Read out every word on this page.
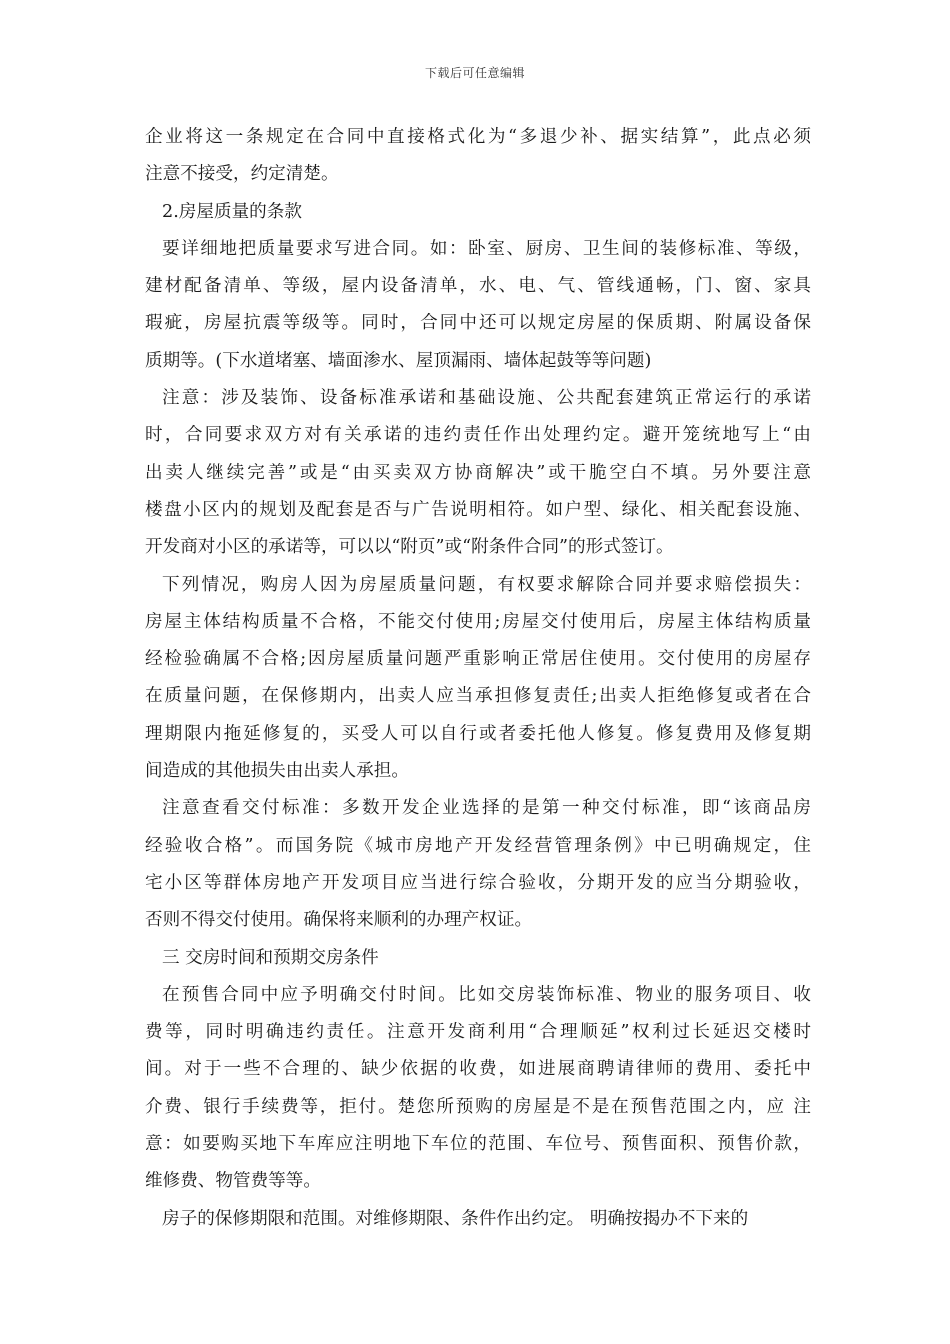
下载后可任意编辑
企业将这一条规定在合同中直接格式化为“多退少补、据实结算”，此点必须
注意不接受，约定清楚。
2.房屋质量的条款
要详细地把质量要求写进合同。如：卧室、厨房、卫生间的装修标准、等级，
建材配备清单、等级，屋内设备清单，水、电、气、管线通畅，门、窗、家具
瑕疵，房屋抗震等级等。同时，合同中还可以规定房屋的保质期、附属设备保
质期等。(下水道堵塞、墙面渗水、屋顶漏雨、墙体起鼓等等问题)
注意：涉及装饰、设备标准承诺和基础设施、公共配套建筑正常运行的承诺
时，合同要求双方对有关承诺的违约责任作出处理约定。避开笼统地写上“由
出卖人继续完善”或是“由买卖双方协商解决”或干脆空白不填。另外要注意
楼盘小区内的规划及配套是否与广告说明相符。如户型、绿化、相关配套设施、
开发商对小区的承诺等，可以以“附页”或“附条件合同”的形式签订。
下列情况，购房人因为房屋质量问题，有权要求解除合同并要求赔偿损失：
房屋主体结构质量不合格，不能交付使用;房屋交付使用后，房屋主体结构质量
经检验确属不合格;因房屋质量问题严重影响正常居住使用。交付使用的房屋存
在质量问题，在保修期内，出卖人应当承担修复责任;出卖人拒绝修复或者在合
理期限内拖延修复的，买受人可以自行或者委托他人修复。修复费用及修复期
间造成的其他损失由出卖人承担。
注意查看交付标准：多数开发企业选择的是第一种交付标准，即“该商品房
经验收合格”。而国务院《城市房地产开发经营管理条例》中已明确规定，住
宅小区等群体房地产开发项目应当进行综合验收，分期开发的应当分期验收，
否则不得交付使用。确保将来顺利的办理产权证。
三 交房时间和预期交房条件
在预售合同中应予明确交付时间。比如交房装饰标准、物业的服务项目、收
费等，同时明确违约责任。注意开发商利用“合理顺延”权利过长延迟交楼时
间。对于一些不合理的、缺少依据的收费，如进展商聘请律师的费用、委托中
介费、银行手续费等，拒付。楚您所预购的房屋是不是在预售范围之内，应 注
意：如要购买地下车库应注明地下车位的范围、车位号、预售面积、预售价款，
维修费、物管费等等。
房子的保修期限和范围。对维修期限、条件作出约定。 明确按揭办不下来的
